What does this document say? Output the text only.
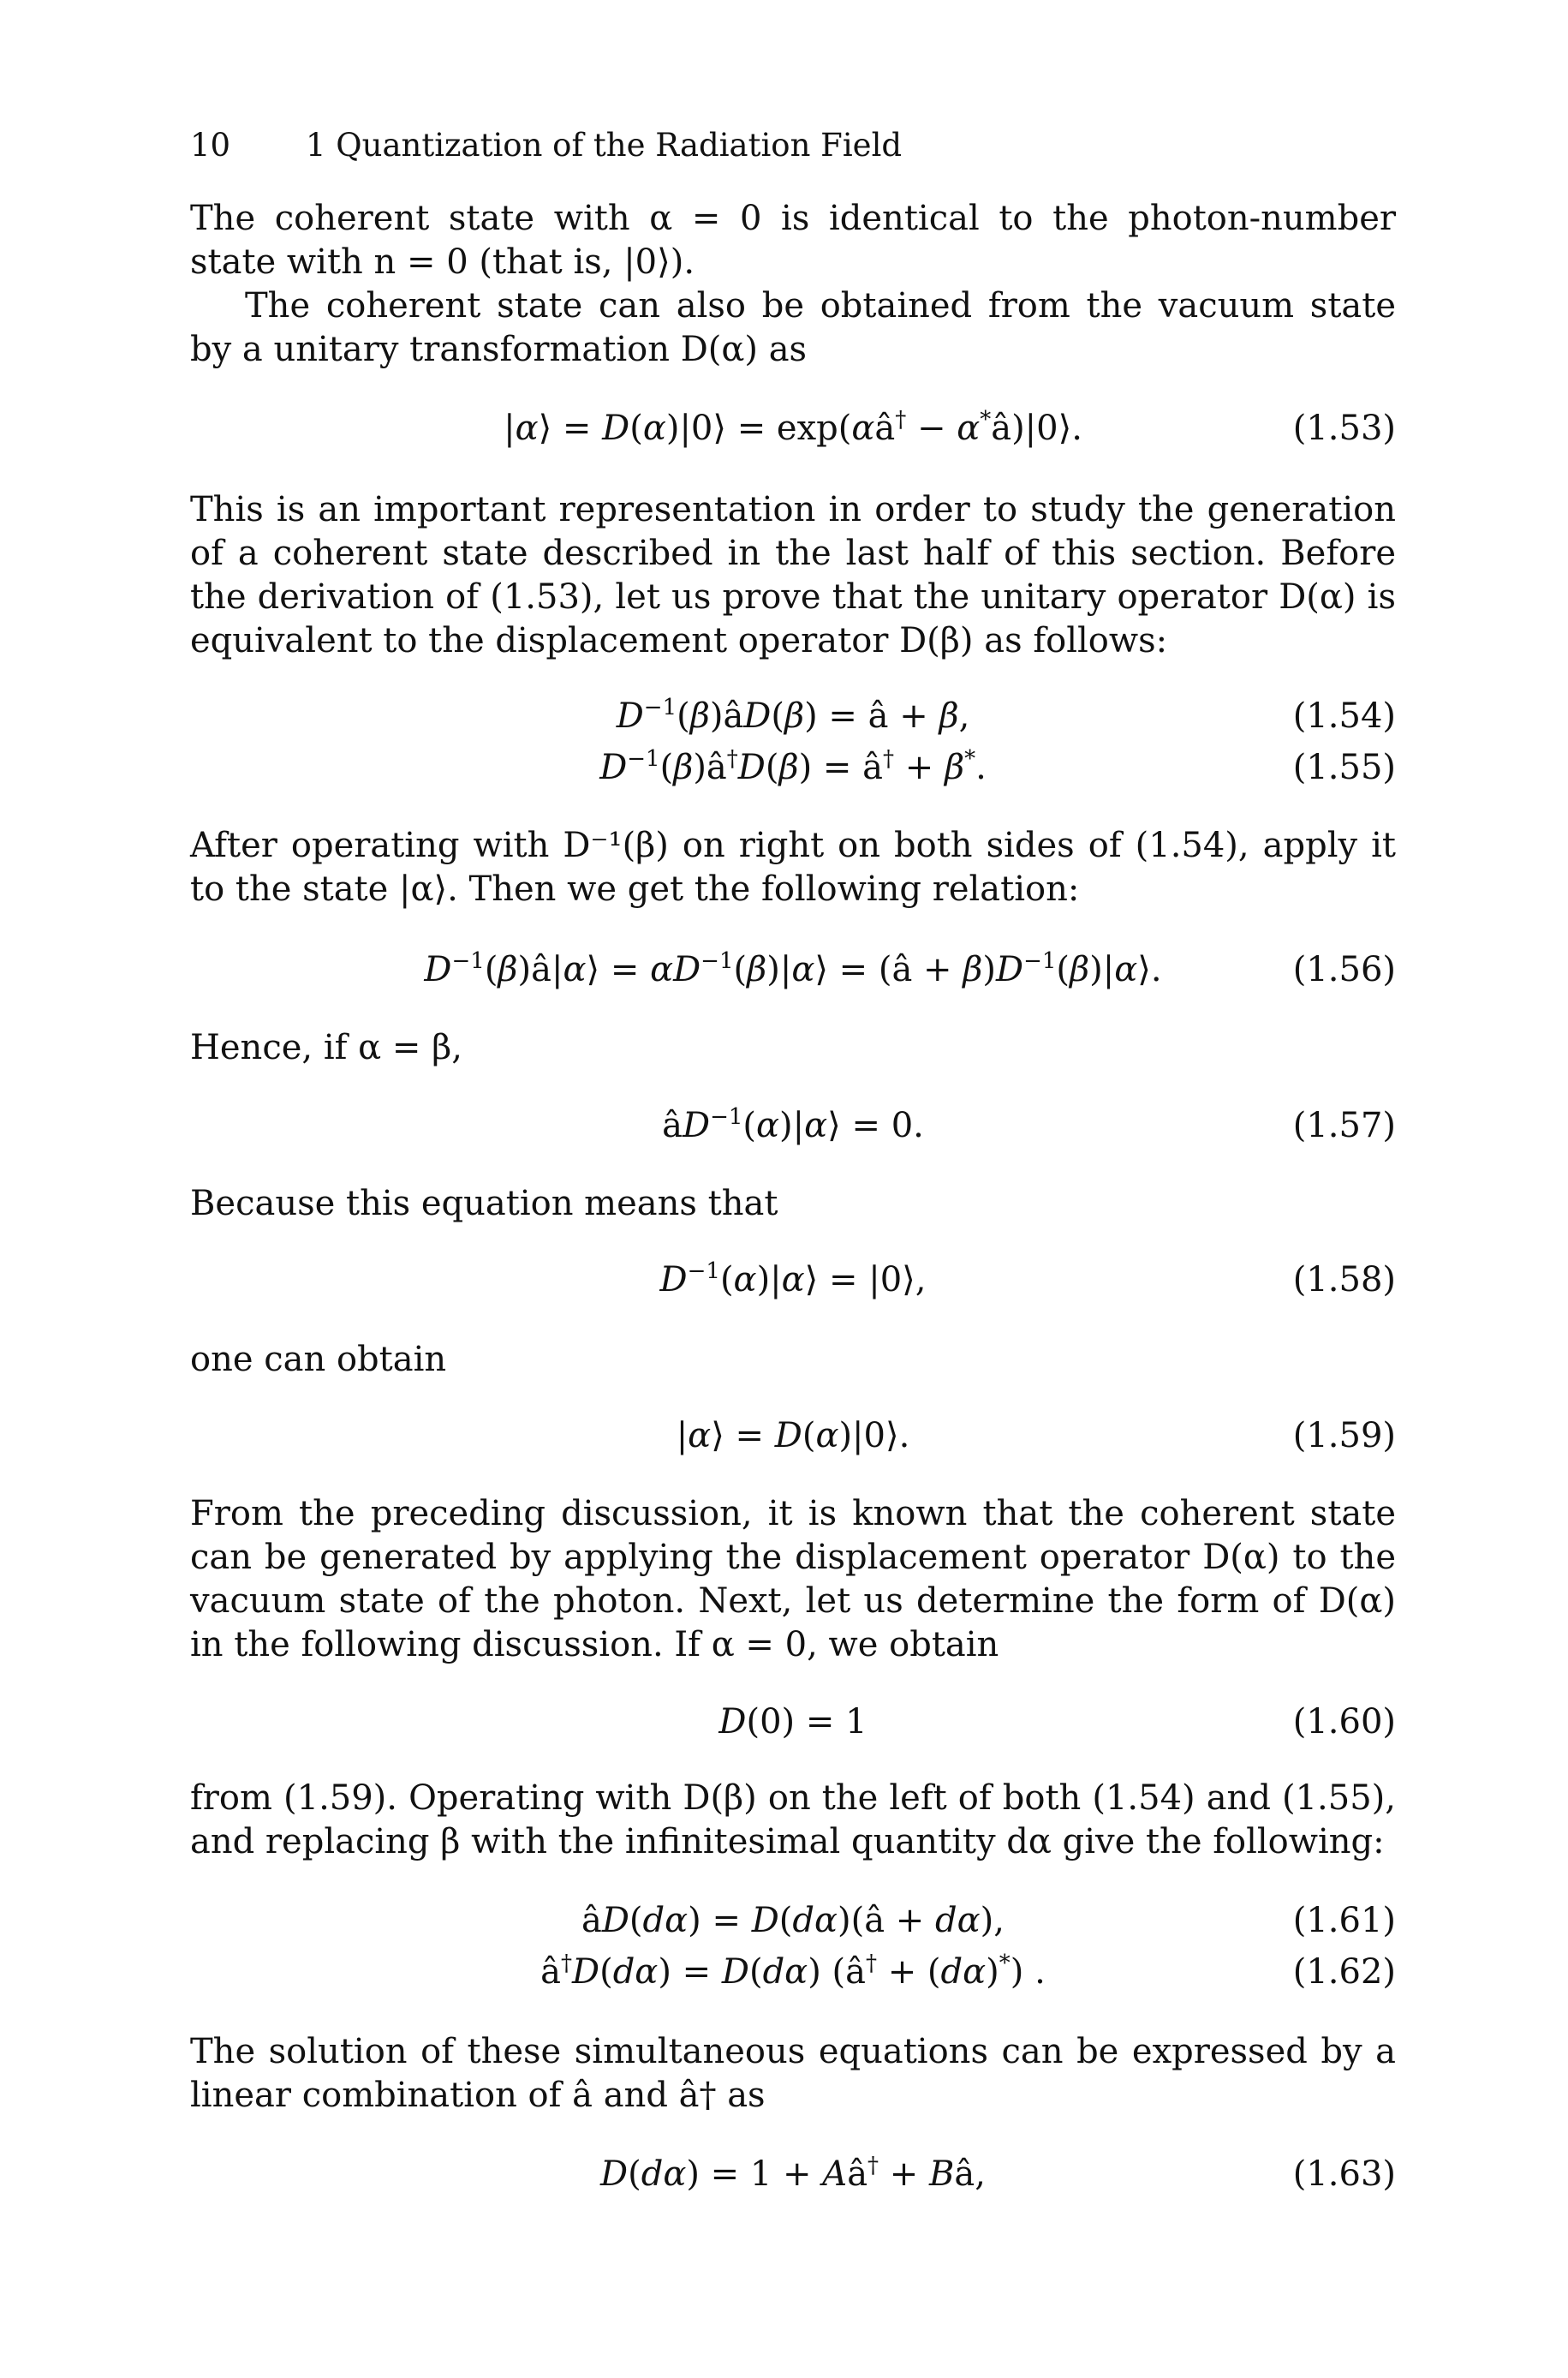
10 1 Quantization of the Radiation Field

The coherent state with α = 0 is identical to the photon-number state with n = 0 (that is, |0⟩).

The coherent state can also be obtained from the vacuum state by a unitary transformation D(α) as

|α⟩ = D(α)|0⟩ = exp(αâ† − α*â)|0⟩.	(1.53)

This is an important representation in order to study the generation of a coherent state described in the last half of this section. Before the derivation of (1.53), let us prove that the unitary operator D(α) is equivalent to the displacement operator D(β) as follows:

$D^{-1}(\beta)âD(\beta)$ = â + β,	(1.54)
$D^{-1}(\beta)â^\dagger D(\beta)$ = â† + β*.	(1.55)

After operating with D⁻¹(β) on right on both sides of (1.54), apply it to the state |α⟩. Then we get the following relation:

$D^{-1}(\beta)â|\alpha⟩$ = $\alpha D^{-1}(\beta)|\alpha⟩$ = (â + $\beta)D^{-1}(\beta)|\alpha⟩$.	(1.56)

Hence, if α = β,

$âD^{-1}(\alpha)|\alpha⟩ = 0$.	(1.57)

Because this equation means that

$D^{-1}(\alpha)|\alpha⟩$ = |0⟩,	(1.58)

one can obtain

|α⟩ = D(α)|0⟩.	(1.59)

From the preceding discussion, it is known that the coherent state can be generated by applying the displacement operator D(α) to the vacuum state of the photon. Next, let us determine the form of D(α) in the following discussion. If α = 0, we obtain

D(0) = 1	(1.60)

from (1.59). Operating with D(β) on the left of both (1.54) and (1.55), and replacing β with the infinitesimal quantity dα give the following:

âD(dα) = D(dα)(â + dα),	(1.61)
â†D(dα) = D(dα) (â† + (dα)*) .	(1.62)

The solution of these simultaneous equations can be expressed by a linear combination of â and â† as

D(dα) = 1 + Aâ† + Bâ,	(1.63)
